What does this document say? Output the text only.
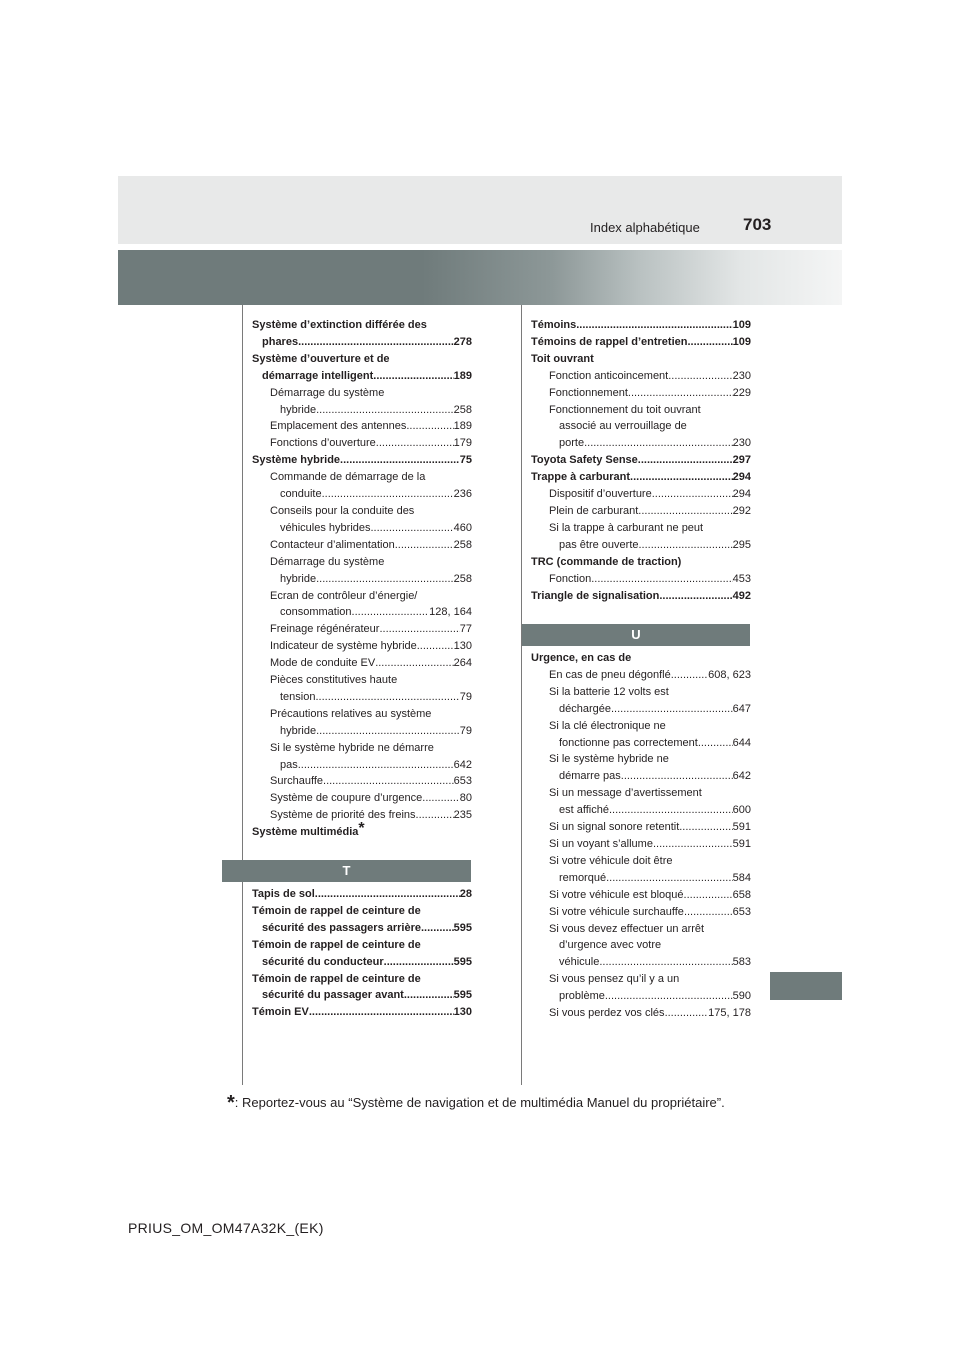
Index alphabétique	703
Système d’extinction différée des
phares .....	278
Système d’ouverture et de
démarrage intelligent .....	189
Démarrage du système
hybride .....	258
Emplacement des antennes .....	189
Fonctions d’ouverture .....	179
Système hybride .....	75
Commande de démarrage de la
conduite .....	236
Conseils pour la conduite des
véhicules hybrides .....	460
Contacteur d’alimentation .....	258
Démarrage du système
hybride .....	258
Ecran de contrôleur d’énergie/
consommation .....	128, 164
Freinage régénérateur .....	77
Indicateur de système hybride .....	130
Mode de conduite EV .....	264
Pièces constitutives haute
tension .....	79
Précautions relatives au système
hybride .....	79
Si le système hybride ne démarre
pas .....	642
Surchauffe .....	653
Système de coupure d’urgence .....	80
Système de priorité des freins .....	235
Système multimédia*
T
Tapis de sol .....	28
Témoin de rappel de ceinture de
sécurité des passagers arrière .....	595
Témoin de rappel de ceinture de
sécurité du conducteur .....	595
Témoin de rappel de ceinture de
sécurité du passager avant .....	595
Témoin EV .....	130
Témoins .....	109
Témoins de rappel d’entretien .....	109
Toit ouvrant
Fonction anticoincement .....	230
Fonctionnement .....	229
Fonctionnement du toit ouvrant
associé au verrouillage de
porte .....	230
Toyota Safety Sense .....	297
Trappe à carburant .....	294
Dispositif d’ouverture .....	294
Plein de carburant .....	292
Si la trappe à carburant ne peut
pas être ouverte .....	295
TRC (commande de traction)
Fonction .....	453
Triangle de signalisation .....	492
U
Urgence, en cas de
En cas de pneu dégonflé .....	608, 623
Si la batterie 12 volts est
déchargée .....	647
Si la clé électronique ne
fonctionne pas correctement .....	644
Si le système hybride ne
démarre pas .....	642
Si un message d’avertissement
est affiché .....	600
Si un signal sonore retentit .....	591
Si un voyant s’allume .....	591
Si votre véhicule doit être
remorqué .....	584
Si votre véhicule est bloqué .....	658
Si votre véhicule surchauffe .....	653
Si vous devez effectuer un arrêt
d’urgence avec votre
véhicule .....	583
Si vous pensez qu’il y a un
problème .....	590
Si vous perdez vos clés .....	175, 178
*: Reportez-vous au “Système de navigation et de multimédia Manuel du propriétaire”.
PRIUS_OM_OM47A32K_(EK)
